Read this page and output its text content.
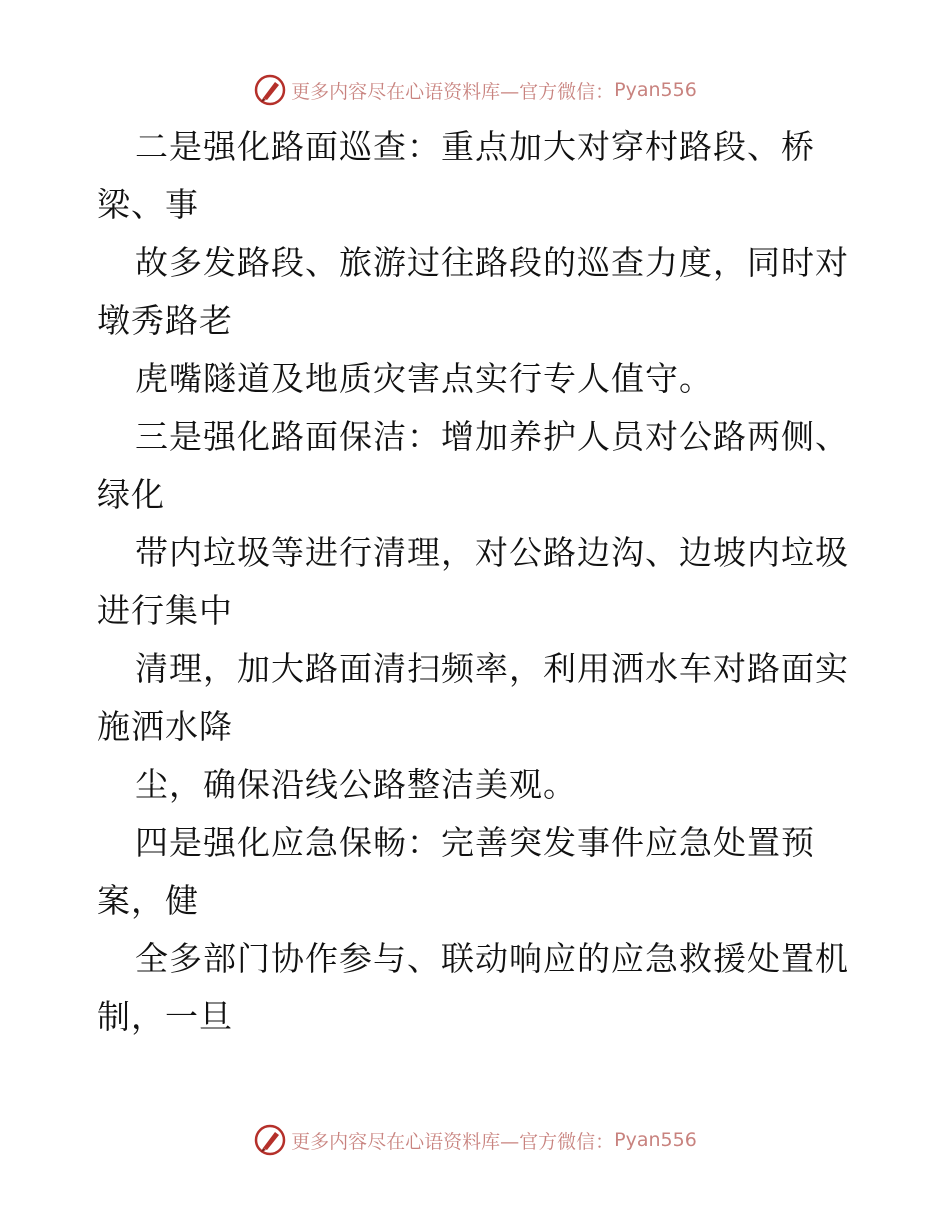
更多内容尽在心语资料库—官方微信： Pyan556
二是强化路面巡查：重点加大对穿村路段、桥
梁、事
故多发路段、旅游过往路段的巡查力度，同时对
墩秀路老
虎嘴隧道及地质灾害点实行专人值守。
三是强化路面保洁：增加养护人员对公路两侧、
绿化
带内垃圾等进行清理，对公路边沟、边坡内垃圾
进行集中
清理，加大路面清扫频率，利用洒水车对路面实
施洒水降
尘，确保沿线公路整洁美观。
四是强化应急保畅：完善突发事件应急处置预
案，健
全多部门协作参与、联动响应的应急救援处置机
制，一旦
更多内容尽在心语资料库—官方微信： Pyan556
